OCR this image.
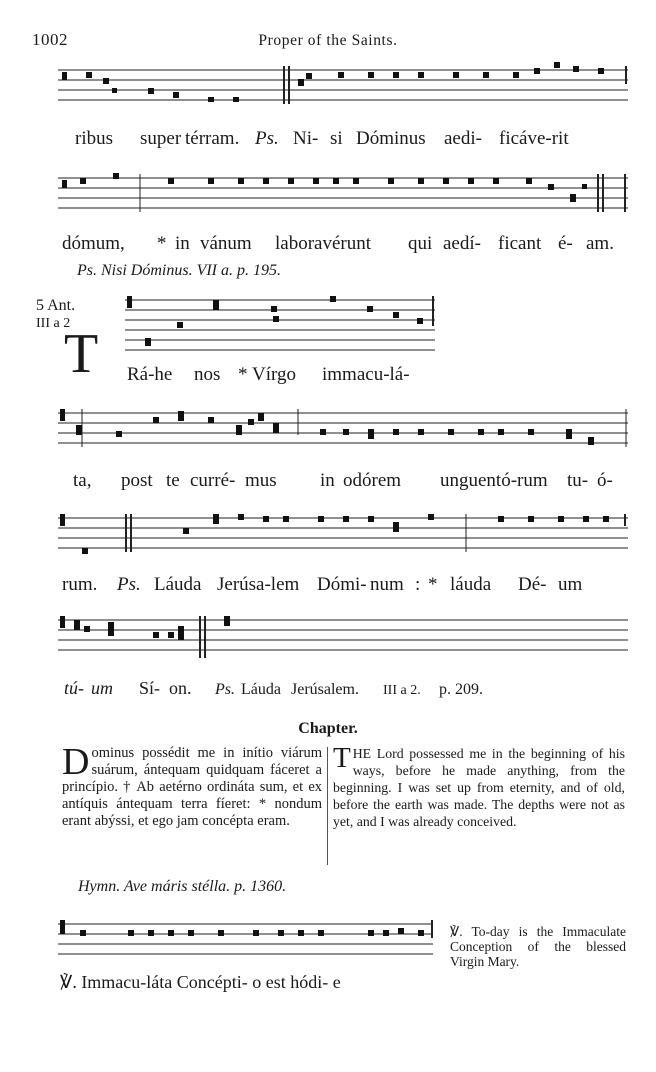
1002	Proper of the Saints.
ribus super térram. Ps. Ni- si Dóminus aedi- ficáve-rit
dómum, * in vánum laboravérunt qui aedí- ficant é- am.
Ps. Nisi Dóminus. VII a. p. 195.
5 Ant.
III a 2
T Rá-he nos * Vírgo immacu-lá-
ta, post te curré- mus in odórem unguentó-rum tu- ó-
rum. Ps. Láuda Jerúsa-lem Dómi- num : * láuda Dé- um
tú- um Sí- on. Ps. Láuda Jerúsalem. III a 2. p. 209.
Chapter.

Dominus possédit me in inítio viárum suárum, ántequam quidquam fáceret a princípio. † Ab aetérno ordináta sum, et ex antíquis ántequam terra fíeret: * nondum erant abýssi, et ego jam concépta eram.

THE Lord possessed me in the beginning of his ways, before he made anything, from the beginning. I was set up from eternity, and of old, before the earth was made. The depths were not as yet, and I was already conceived.

Hymn. Ave máris stélla. p. 1360.
℣. Immacu-láta Concépti- o est hódi- e
℣. To-day is the Immaculate Conception of the blessed Virgin Mary.
